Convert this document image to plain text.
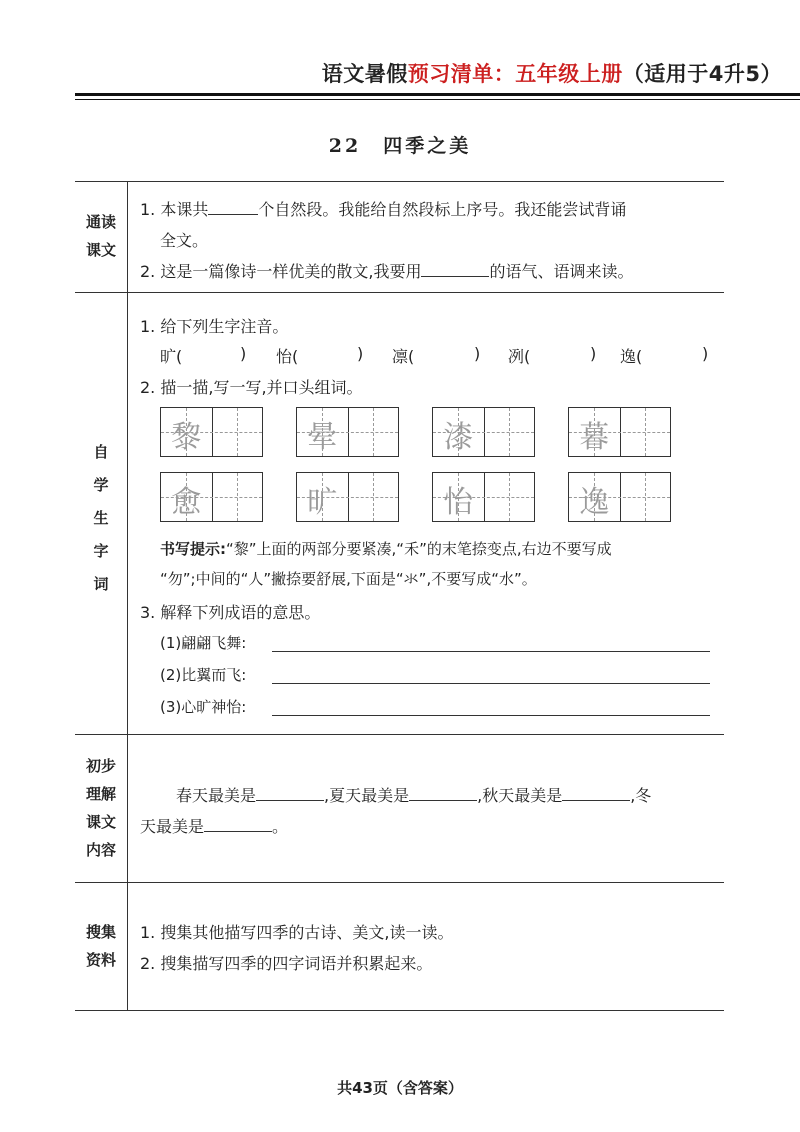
语文暑假预习清单：五年级上册（适用于4升5）
22　四季之美
通读
课文
1. 本课共	个自然段。我能给自然段标上序号。我还能尝试背诵
全文。
2. 这是一篇像诗一样优美的散文,我要用	的语气、语调来读。
自
学
生
字
词
1. 给下列生字注音。
旷(	) 怡(	) 凛(	) 冽(	) 逸(	)
2. 描一描,写一写,并口头组词。
黎	晕	漆	暮
愈	旷	怡	逸
书写提示:“黎”上面的两部分要紧凑,“禾”的末笔捺变点,右边不要写成
“勿”;中间的“人”撇捺要舒展,下面是“氺”,不要写成“水”。
3. 解释下列成语的意思。
(1)翩翩飞舞:
(2)比翼而飞:
(3)心旷神怡:
初步
理解
课文
内容
春天最美是	,夏天最美是	,秋天最美是	,冬
天最美是	。
搜集
资料
1. 搜集其他描写四季的古诗、美文,读一读。
2. 搜集描写四季的四字词语并积累起来。
共43页（含答案）
